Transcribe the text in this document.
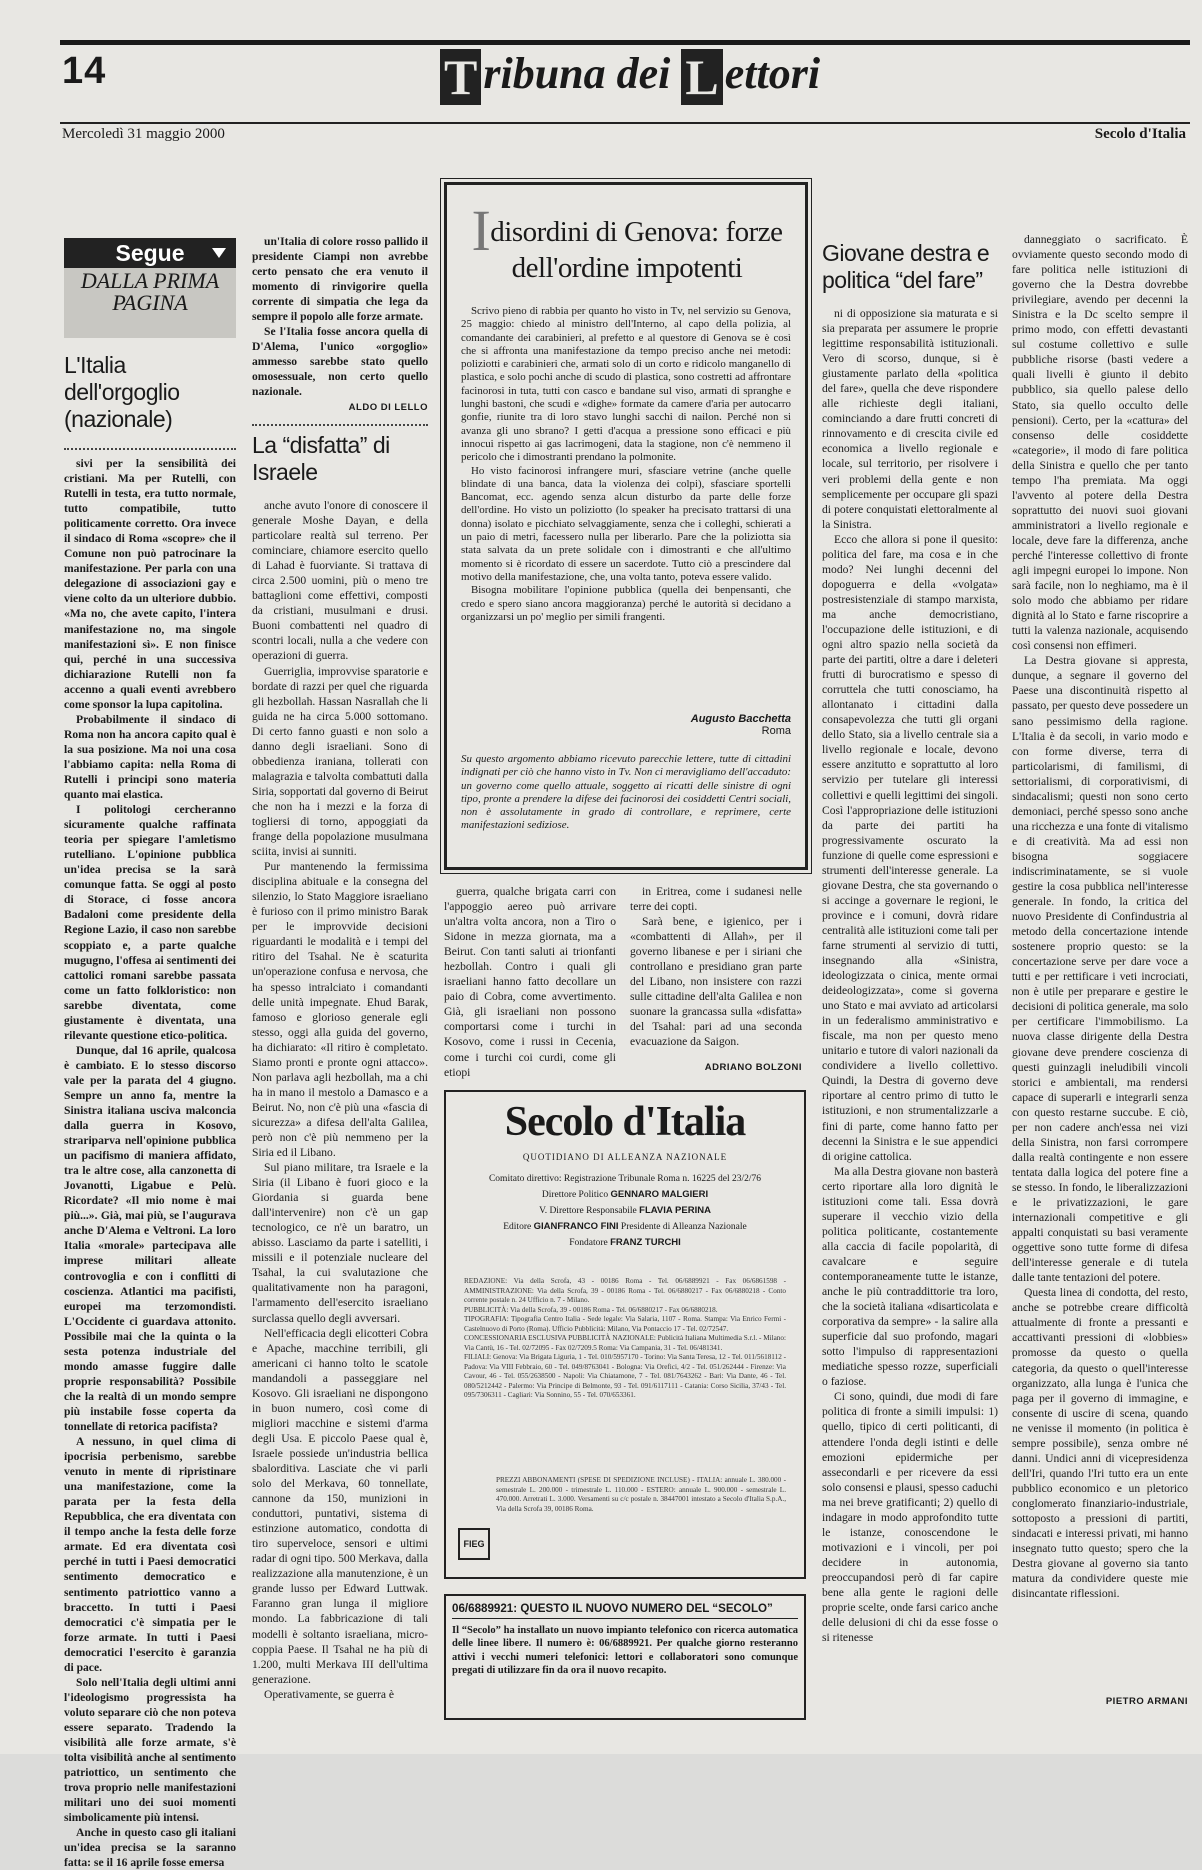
14	T ribuna dei L ettori
Mercoledì 31 maggio 2000	Secolo d'Italia
Segue
DALLA PRIMA PAGINA
L'Italia dell'orgoglio (nazionale)

sivi per la sensibilità dei cristiani. Ma per Rutelli, con Rutelli in testa, era tutto normale, tutto compatibile, tutto politicamente corretto. Ora invece il sindaco di Roma «scopre» che il Comune non può patrocinare la manifestazione. Per parla con una delegazione di associazioni gay e viene colto da un ulteriore dubbio. «Ma no, che avete capito, l'intera manifestazione no, ma singole manifestazioni sì». E non finisce qui, perché in una successiva dichiarazione Rutelli non fa accenno a quali eventi avrebbero come sponsor la lupa capitolina.

Probabilmente il sindaco di Roma non ha ancora capito qual è la sua posizione. Ma noi una cosa l'abbiamo capita: nella Roma di Rutelli i principi sono materia quanto mai elastica.

I politologi cercheranno sicuramente qualche raffinata teoria per spiegare l'amletismo rutelliano. L'opinione pubblica un'idea precisa se la sarà comunque fatta. Se oggi al posto di Storace, ci fosse ancora Badaloni come presidente della Regione Lazio, il caso non sarebbe scoppiato e, a parte qualche mugugno, l'offesa ai sentimenti dei cattolici romani sarebbe passata come un fatto folkloristico: non sarebbe diventata, come giustamente è diventata, una rilevante questione etico-politica.

Dunque, dal 16 aprile, qualcosa è cambiato. E lo stesso discorso vale per la parata del 4 giugno. Sempre un anno fa, mentre la Sinistra italiana usciva malconcia dalla guerra in Kosovo, strariparva nell'opinione pubblica un pacifismo di maniera affidato, tra le altre cose, alla canzonetta di Jovanotti, Ligabue e Pelù. Ricordate? «Il mio nome è mai più...». Già, mai più, se l'augurava anche D'Alema e Veltroni. La loro Italia «morale» partecipava alle imprese militari alleate controvoglia e con i conflitti di coscienza. Atlantici ma pacifisti, europei ma terzomondisti. L'Occidente ci guardava attonito. Possibile mai che la quinta o la sesta potenza industriale del mondo amasse fuggire dalle proprie responsabilità? Possibile che la realtà di un mondo sempre più instabile fosse coperta da tonnellate di retorica pacifista?

A nessuno, in quel clima di ipocrisia perbenismo, sarebbe venuto in mente di ripristinare una manifestazione, come la parata per la festa della Repubblica, che era diventata con il tempo anche la festa delle forze armate. Ed era diventata così perché in tutti i Paesi democratici sentimento democratico e sentimento patriottico vanno a braccetto. In tutti i Paesi democratici c'è simpatia per le forze armate. In tutti i Paesi democratici l'esercito è garanzia di pace.

Solo nell'Italia degli ultimi anni l'ideologismo progressista ha voluto separare ciò che non poteva essere separato. Tradendo la visibilità alle forze armate, s'è tolta visibilità anche al sentimento patriottico, un sentimento che trova proprio nelle manifestazioni militari uno dei suoi momenti simbolicamente più intensi.

Anche in questo caso gli italiani un'idea precisa se la saranno fatta: se il 16 aprile fosse emersa

un'Italia di colore rosso pallido il presidente Ciampi non avrebbe certo pensato che era venuto il momento di rinvigorire quella corrente di simpatia che lega da sempre il popolo alle forze armate.

Se l'Italia fosse ancora quella di D'Alema, l'unico «orgoglio» ammesso sarebbe stato quello omosessuale, non certo quello nazionale.

ALDO DI LELLO
La “disfatta” di Israele

anche avuto l'onore di conoscere il generale Moshe Dayan, e della particolare realtà sul terreno. Per cominciare, chiamore esercito quello di Lahad è fuorviante. Si trattava di circa 2.500 uomini, più o meno tre battaglioni come effettivi, composti da cristiani, musulmani e drusi. Buoni combattenti nel quadro di scontri locali, nulla a che vedere con operazioni di guerra.

Guerriglia, improvvise sparatorie e bordate di razzi per quel che riguarda gli hezbollah. Hassan Nasrallah che li guida ne ha circa 5.000 sottomano. Di certo fanno guasti e non solo a danno degli israeliani. Sono di obbedienza iraniana, tollerati con malagrazia e talvolta combattuti dalla Siria, sopportati dal governo di Beirut che non ha i mezzi e la forza di togliersi di torno, appoggiati da frange della popolazione musulmana sciita, invisi ai sunniti.

Pur mantenendo la fermissima disciplina abituale e la consegna del silenzio, lo Stato Maggiore israeliano è furioso con il primo ministro Barak per le improvvide decisioni riguardanti le modalità e i tempi del ritiro del Tsahal. Ne è scaturita un'operazione confusa e nervosa, che ha spesso intralciato i comandanti delle unità impegnate. Ehud Barak, famoso e glorioso generale egli stesso, oggi alla guida del governo, ha dichiarato: «Il ritiro è completato. Siamo pronti e pronte ogni attacco». Non parlava agli hezbollah, ma a chi ha in mano il mestolo a Damasco e a Beirut. No, non c'è più una «fascia di sicurezza» a difesa dell'alta Galilea, però non c'è più nemmeno per la Siria ed il Libano.

Sul piano militare, tra Israele e la Siria (il Libano è fuori gioco e la Giordania si guarda bene dall'intervenire) non c'è un gap tecnologico, ce n'è un baratro, un abisso. Lasciamo da parte i satelliti, i missili e il potenziale nucleare del Tsahal, la cui svalutazione che qualitativamente non ha paragoni, l'armamento dell'esercito israeliano surclassa quello degli avversari.

Nell'efficacia degli elicotteri Cobra e Apache, macchine terribili, gli americani ci hanno tolto le scatole mandandoli a passeggiare nel Kosovo. Gli israeliani ne dispongono in buon numero, così come di migliori macchine e sistemi d'arma degli Usa. E piccolo Paese qual è, Israele possiede un'industria bellica sbalorditiva. Lasciate che vi parli solo del Merkava, 60 tonnellate, cannone da 150, munizioni in conduttori, puntativi, sistema di estinzione automatico, condotta di tiro superveloce, sensori e ultimi radar di ogni tipo. 500 Merkava, dalla realizzazione alla manutenzione, è un grande lusso per Edward Luttwak. Faranno gran lunga il migliore mondo. La fabbricazione di tali modelli è soltanto israeliana, micro-coppia Paese. Il Tsahal ne ha più di 1.200, multi Merkava III dell'ultima generazione.

Operativamente, se guerra è

Idisordini di Genova: forze dell'ordine impotenti

Scrivo pieno di rabbia per quanto ho visto in Tv, nel servizio su Genova, 25 maggio: chiedo al ministro dell'Interno, al capo della polizia, al comandante dei carabinieri, al prefetto e al questore di Genova se è così che si affronta una manifestazione da tempo preciso anche nei metodi: poliziotti e carabinieri che, armati solo di un corto e ridicolo manganello di plastica, e solo pochi anche di scudo di plastica, sono costretti ad affrontare facinorosi in tuta, tutti con casco e bandane sul viso, armati di spranghe e lunghi bastoni, che scudi e «dighe» formate da camere d'aria per autocarro gonfie, riunite tra di loro stavo lunghi sacchi di nailon. Perché non si avanza gli uno sbrano? I getti d'acqua a pressione sono efficaci e più innocui rispetto ai gas lacrimogeni, data la stagione, non c'è nemmeno il pericolo che i dimostranti prendano la polmonite.

Ho visto facinorosi infrangere muri, sfasciare vetrine (anche quelle blindate di una banca, data la violenza dei colpi), sfasciare sportelli Bancomat, ecc. agendo senza alcun disturbo da parte delle forze dell'ordine. Ho visto un poliziotto (lo speaker ha precisato trattarsi di una donna) isolato e picchiato selvaggiamente, senza che i colleghi, schierati a un paio di metri, facessero nulla per liberarlo. Pare che la poliziotta sia stata salvata da un prete solidale con i dimostranti e che all'ultimo momento si è ricordato di essere un sacerdote. Tutto ciò a prescindere dal motivo della manifestazione, che, una volta tanto, poteva essere valido.

Bisogna mobilitare l'opinione pubblica (quella dei benpensanti, che credo e spero siano ancora maggioranza) perché le autorità si decidano a organizzarsi un po' meglio per simili frangenti.

Augusto Bacchetta
Roma
Su questo argomento abbiamo ricevuto parecchie lettere, tutte di cittadini indignati per ciò che hanno visto in Tv. Non ci meravigliamo dell'accaduto: un governo come quello attuale, soggetto ai ricatti delle sinistre di ogni tipo, pronte a prendere la difese dei facinorosi dei cosiddetti Centri sociali, non è assolutamente in grado di controllare, e reprimere, certe manifestazioni sediziose.

guerra, qualche brigata carri con l'appoggio aereo può arrivare un'altra volta ancora, non a Tiro o Sidone in mezza giornata, ma a Beirut. Con tanti saluti ai trionfanti hezbollah. Contro i quali gli israeliani hanno fatto decollare un paio di Cobra, come avvertimento. Già, gli israeliani non possono comportarsi come i turchi in Kosovo, come i russi in Cecenia, come i turchi coi curdi, come gli etiopi

in Eritrea, come i sudanesi nelle terre dei copti.

Sarà bene, e igienico, per i «combattenti di Allah», per il governo libanese e per i siriani che controllano e presidiano gran parte del Libano, non insistere con razzi sulle cittadine dell'alta Galilea e non suonare la grancassa sulla «disfatta» del Tsahal: pari ad una seconda evacuazione da Saigon.

ADRIANO BOLZONI
Secolo d'Italia
QUOTIDIANO DI ALLEANZA NAZIONALE
Comitato direttivo: Registrazione Tribunale Roma n. 16225 del 23/2/76
Direttore Politico GENNARO MALGIERI
V. Direttore Responsabile FLAVIA PERINA
Editore GIANFRANCO FINI Presidente di Alleanza Nazionale
Fondatore FRANZ TURCHI

REDAZIONE: Via della Scrofa, 43 - 00186 Roma - Tel. 06/6889921 - Fax 06/6861598 - AMMINISTRAZIONE: Via della Scrofa, 39 - 00186 Roma - Tel. 06/6880217 - Fax 06/6880218 - Conto corrente postale n. 24 Ufficio n. 7 - Milano.

PUBBLICITÀ: Via della Scrofa, 39 - 00186 Roma - Tel. 06/6880217 - Fax 06/6880218.

TIPOGRAFIA: Tipografia Centro Italia - Sede legale: Via Salaria, 1107 - Roma. Stampa: Via Enrico Fermi - Castelnuovo di Porto (Roma). Ufficio Pubblicità: Milano, Via Pontaccio 17 - Tel. 02/72547.

CONCESSIONARIA ESCLUSIVA PUBBLICITÀ NAZIONALE: Publicità Italiana Multimedia S.r.l. - Milano: Via Cantù, 16 - Tel. 02/72095 - Fax 02/7209.5 Roma: Via Campania, 31 - Tel. 06/481341.

FILIALI: Genova: Via Brigata Liguria, 1 - Tel. 010/5957170 - Torino: Via Santa Teresa, 12 - Tel. 011/5618112 - Padova: Via VIII Febbraio, 60 - Tel. 049/8763041 - Bologna: Via Orefici, 4/2 - Tel. 051/262444 - Firenze: Via Cavour, 46 - Tel. 055/2638500 - Napoli: Via Chiatamone, 7 - Tel. 081/7643262 - Bari: Via Dante, 46 - Tel. 080/5212442 - Palermo: Via Principe di Belmonte, 93 - Tel. 091/6117111 - Catania: Corso Sicilia, 37/43 - Tel. 095/7306311 - Cagliari: Via Sonnino, 55 - Tel. 070/653361.

PREZZI ABBONAMENTI (SPESE DI SPEDIZIONE INCLUSE) - ITALIA: annuale L. 380.000 - semestrale L. 200.000 - trimestrale L. 110.000 - ESTERO: annuale L. 900.000 - semestrale L. 470.000. Arretrati L. 3.000. Versamenti su c/c postale n. 38447001 intestato a Secolo d'Italia S.p.A., Via della Scrofa 39, 00186 Roma.
FIEG
06/6889921: QUESTO IL NUOVO NUMERO DEL “SECOLO”
Il “Secolo” ha installato un nuovo impianto telefonico con ricerca automatica delle linee libere. Il numero è: 06/6889921. Per qualche giorno resteranno attivi i vecchi numeri telefonici: lettori e collaboratori sono comunque pregati di utilizzare fin da ora il nuovo recapito.
Giovane destra e politica “del fare”

ni di opposizione sia maturata e si sia preparata per assumere le proprie legittime responsabilità istituzionali. Vero di scorso, dunque, si è giustamente parlato della «politica del fare», quella che deve rispondere alle richieste degli italiani, cominciando a dare frutti concreti di rinnovamento e di crescita civile ed economica a livello regionale e locale, sul territorio, per risolvere i veri problemi della gente e non semplicemente per occupare gli spazi di potere conquistati elettoralmente al la Sinistra.

Ecco che allora si pone il quesito: politica del fare, ma cosa e in che modo? Nei lunghi decenni del dopoguerra e della «volgata» postresistenziale di stampo marxista, ma anche democristiano, l'occupazione delle istituzioni, e di ogni altro spazio nella società da parte dei partiti, oltre a dare i deleteri frutti di burocratismo e spesso di corruttela che tutti conosciamo, ha allontanato i cittadini dalla consapevolezza che tutti gli organi dello Stato, sia a livello centrale sia a livello regionale e locale, devono essere anzitutto e soprattutto al loro servizio per tutelare gli interessi collettivi e quelli legittimi dei singoli. Così l'appropriazione delle istituzioni da parte dei partiti ha progressivamente oscurato la funzione di quelle come espressioni e strumenti dell'interesse generale. La giovane Destra, che sta governando o si accinge a governare le regioni, le province e i comuni, dovrà ridare centralità alle istituzioni come tali per farne strumenti al servizio di tutti, insegnando alla «Sinistra, ideologizzata o cinica, mente ormai deideologizzata», come si governa uno Stato e mai avviato ad articolarsi in un federalismo amministrativo e fiscale, ma non per questo meno unitario e tutore di valori nazionali da condividere a livello collettivo. Quindi, la Destra di governo deve riportare al centro primo di tutto le istituzioni, e non strumentalizzarle a fini di parte, come hanno fatto per decenni la Sinistra e le sue appendici di origine cattolica.

Ma alla Destra giovane non basterà certo riportare alla loro dignità le istituzioni come tali. Essa dovrà superare il vecchio vizio della politica politicante, costantemente alla caccia di facile popolarità, di cavalcare e seguire contemporaneamente tutte le istanze, anche le più contraddittorie tra loro, che la società italiana «disarticolata e corporativa da sempre» - la salire alla superficie dal suo profondo, magari sotto l'impulso di rappresentazioni mediatiche spesso rozze, superficiali o faziose.

Ci sono, quindi, due modi di fare politica di fronte a simili impulsi: 1) quello, tipico di certi politicanti, di attendere l'onda degli istinti e delle emozioni epidermiche per assecondarli e per ricevere da essi solo consensi e plausi, spesso caduchi ma nei breve gratificanti; 2) quello di indagare in modo approfondito tutte le istanze, conoscendone le motivazioni e i vincoli, per poi decidere in autonomia, preoccupandosi però di far capire bene alla gente le ragioni delle proprie scelte, onde farsi carico anche delle delusioni di chi da esse fosse o si ritenesse

danneggiato o sacrificato. È ovviamente questo secondo modo di fare politica nelle istituzioni di governo che la Destra dovrebbe privilegiare, avendo per decenni la Sinistra e la Dc scelto sempre il primo modo, con effetti devastanti sul costume collettivo e sulle pubbliche risorse (basti vedere a quali livelli è giunto il debito pubblico, sia quello palese dello Stato, sia quello occulto delle pensioni). Certo, per la «cattura» del consenso delle cosiddette «categorie», il modo di fare politica della Sinistra e quello che per tanto tempo l'ha premiata. Ma oggi l'avvento al potere della Destra soprattutto dei nuovi suoi giovani amministratori a livello regionale e locale, deve fare la differenza, anche perché l'interesse collettivo di fronte agli impegni europei lo impone. Non sarà facile, non lo neghiamo, ma è il solo modo che abbiamo per ridare dignità al lo Stato e farne riscoprire a tutti la valenza nazionale, acquisendo così consensi non effimeri.

La Destra giovane si appresta, dunque, a segnare il governo del Paese una discontinuità rispetto al passato, per questo deve possedere un sano pessimismo della ragione. L'Italia è da secoli, in vario modo e con forme diverse, terra di particolarismi, di familismi, di settorialismi, di corporativismi, di sindacalismi; questi non sono certo demoniaci, perché spesso sono anche una ricchezza e una fonte di vitalismo e di creatività. Ma ad essi non bisogna soggiacere indiscriminatamente, se si vuole gestire la cosa pubblica nell'interesse generale. In fondo, la critica del nuovo Presidente di Confindustria al metodo della concertazione intende sostenere proprio questo: se la concertazione serve per dare voce a tutti e per rettificare i veti incrociati, non è utile per preparare e gestire le decisioni di politica generale, ma solo per certificare l'immobilismo. La nuova classe dirigente della Destra giovane deve prendere coscienza di questi guinzagli ineludibili vincoli storici e ambientali, ma rendersi capace di superarli e integrarli senza con questo restarne succube. E ciò, per non cadere anch'essa nei vizi della Sinistra, non farsi corrompere dalla realtà contingente e non essere tentata dalla logica del potere fine a se stesso. In fondo, le liberalizzazioni e le privatizzazioni, le gare internazionali competitive e gli appalti conquistati su basi veramente oggettive sono tutte forme di difesa dell'interesse generale e di tutela dalle tante tentazioni del potere.

Questa linea di condotta, del resto, anche se potrebbe creare difficoltà attualmente di fronte a pressanti e accattivanti pressioni di «lobbies» promosse da questo o quella categoria, da questo o quell'interesse organizzato, alla lunga è l'unica che paga per il governo di immagine, e consente di uscire di scena, quando ne venisse il momento (in politica è sempre possibile), senza ombre né danni. Undici anni di vicepresidenza dell'Iri, quando l'Iri tutto era un ente pubblico economico e un pletorico conglomerato finanziario-industriale, sottoposto a pressioni di partiti, sindacati e interessi privati, mi hanno insegnato tutto questo; spero che la Destra giovane al governo sia tanto matura da condividere queste mie disincantate riflessioni.

PIETRO ARMANI
